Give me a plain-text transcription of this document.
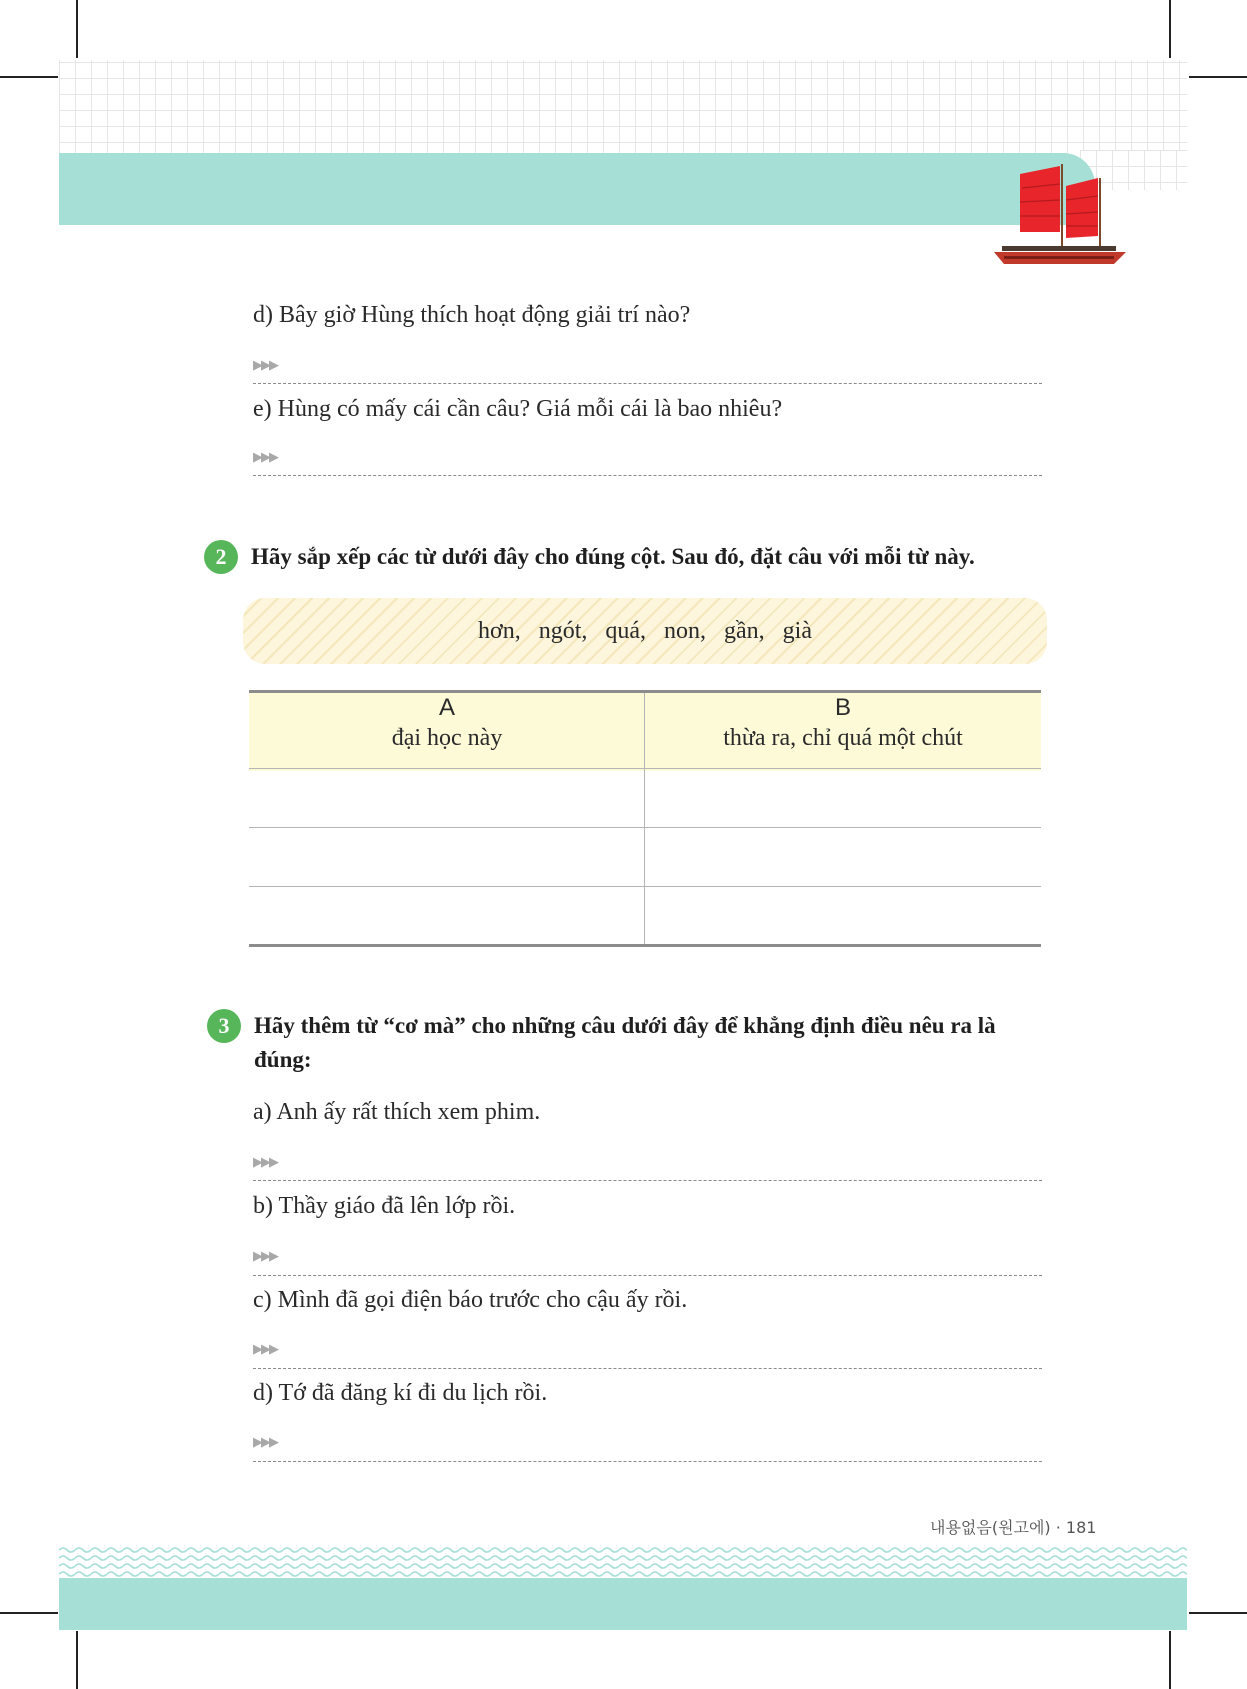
d) Bây giờ Hùng thích hoạt động giải trí nào?
▶▶▶
e) Hùng có mấy cái cần câu? Giá mỗi cái là bao nhiêu?
▶▶▶
2	Hãy sắp xếp các từ dưới đây cho đúng cột. Sau đó, đặt câu với mỗi từ này.
hơn, ngót, quá, non, gần, già
A
đại học này
B
thừa ra, chỉ quá một chút
3	Hãy thêm từ “cơ mà” cho những câu dưới đây để khẳng định điều nêu ra là đúng:
a) Anh ấy rất thích xem phim.
▶▶▶
b) Thầy giáo đã lên lớp rồi.
▶▶▶
c) Mình đã gọi điện báo trước cho cậu ấy rồi.
▶▶▶
d) Tớ đã đăng kí đi du lịch rồi.
▶▶▶
내용없음(원고에) · 181
